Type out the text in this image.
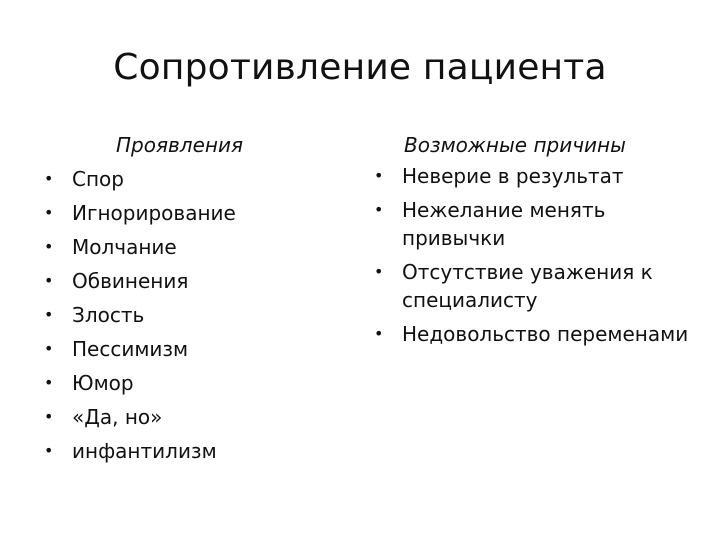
Сопротивление пациента
Проявления
• Спор
• Игнорирование
• Молчание
• Обвинения
• Злость
• Пессимизм
• Юмор
• «Да, но»
• инфантилизм
Возможные причины
• Неверие в результат
• Нежелание менять привычки
• Отсутствие уважения к специалисту
• Недовольство переменами
